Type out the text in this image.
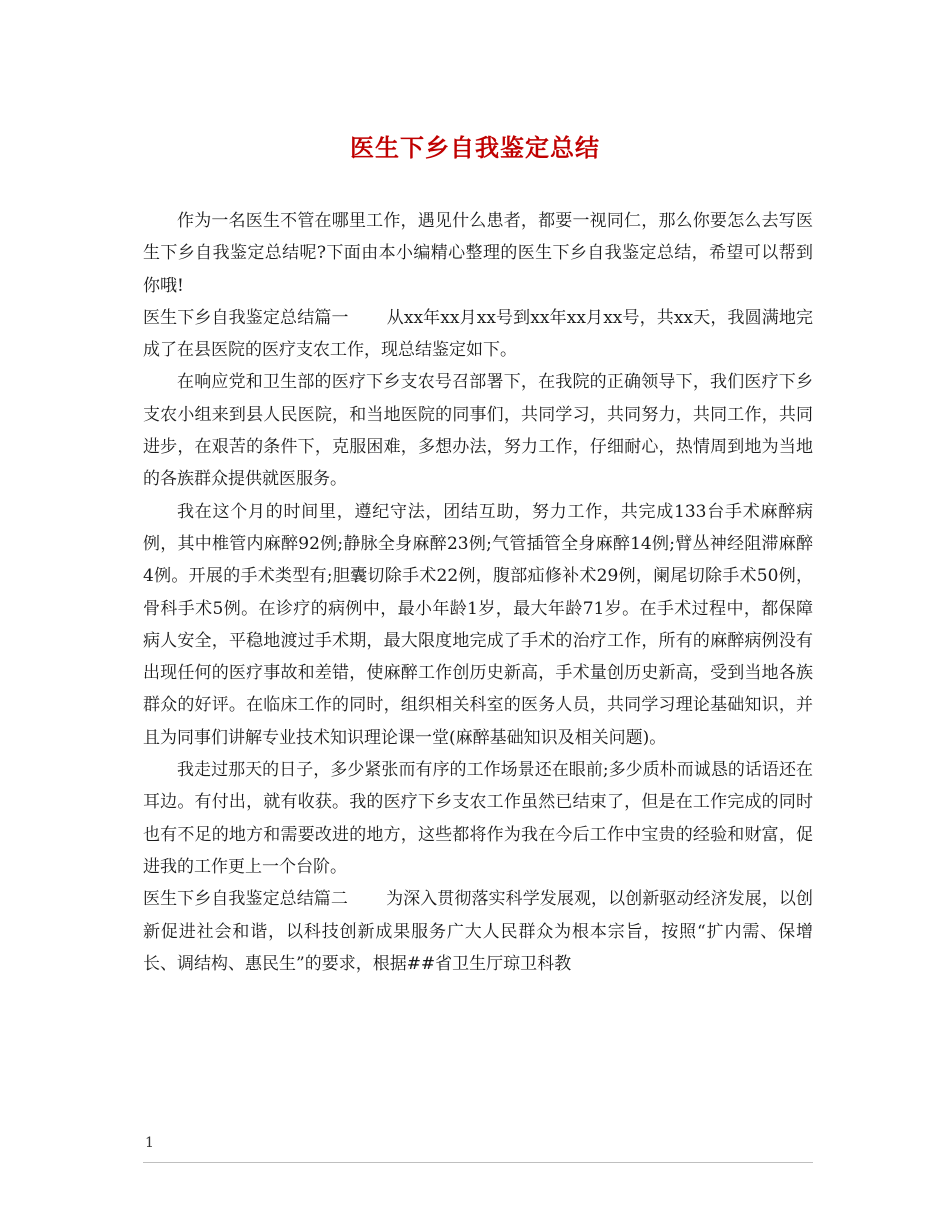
医生下乡自我鉴定总结

作为一名医生不管在哪里工作，遇见什么患者，都要一视同仁，那么你要怎么去写医生下乡自我鉴定总结呢?下面由本小编精心整理的医生下乡自我鉴定总结，希望可以帮到你哦!

医生下乡自我鉴定总结篇一 从xx年xx月xx号到xx年xx月xx号，共xx天，我圆满地完成了在县医院的医疗支农工作，现总结鉴定如下。

在响应党和卫生部的医疗下乡支农号召部署下，在我院的正确领导下，我们医疗下乡支农小组来到县人民医院，和当地医院的同事们，共同学习，共同努力，共同工作，共同进步，在艰苦的条件下，克服困难，多想办法，努力工作，仔细耐心，热情周到地为当地的各族群众提供就医服务。

我在这个月的时间里，遵纪守法，团结互助，努力工作，共完成133台手术麻醉病例，其中椎管内麻醉92例;静脉全身麻醉23例;气管插管全身麻醉14例;臂丛神经阻滞麻醉4例。开展的手术类型有;胆囊切除手术22例，腹部疝修补术29例，阑尾切除手术50例，骨科手术5例。在诊疗的病例中，最小年龄1岁，最大年龄71岁。在手术过程中，都保障病人安全，平稳地渡过手术期，最大限度地完成了手术的治疗工作，所有的麻醉病例没有出现任何的医疗事故和差错，使麻醉工作创历史新高，手术量创历史新高，受到当地各族群众的好评。在临床工作的同时，组织相关科室的医务人员，共同学习理论基础知识，并且为同事们讲解专业技术知识理论课一堂(麻醉基础知识及相关问题)。

我走过那天的日子，多少紧张而有序的工作场景还在眼前;多少质朴而诚恳的话语还在耳边。有付出，就有收获。我的医疗下乡支农工作虽然已结束了，但是在工作完成的同时也有不足的地方和需要改进的地方，这些都将作为我在今后工作中宝贵的经验和财富，促进我的工作更上一个台阶。

医生下乡自我鉴定总结篇二 为深入贯彻落实科学发展观，以创新驱动经济发展，以创新促进社会和谐，以科技创新成果服务广大人民群众为根本宗旨，按照“扩内需、保增长、调结构、惠民生”的要求，根据##省卫生厅琼卫科教

1
